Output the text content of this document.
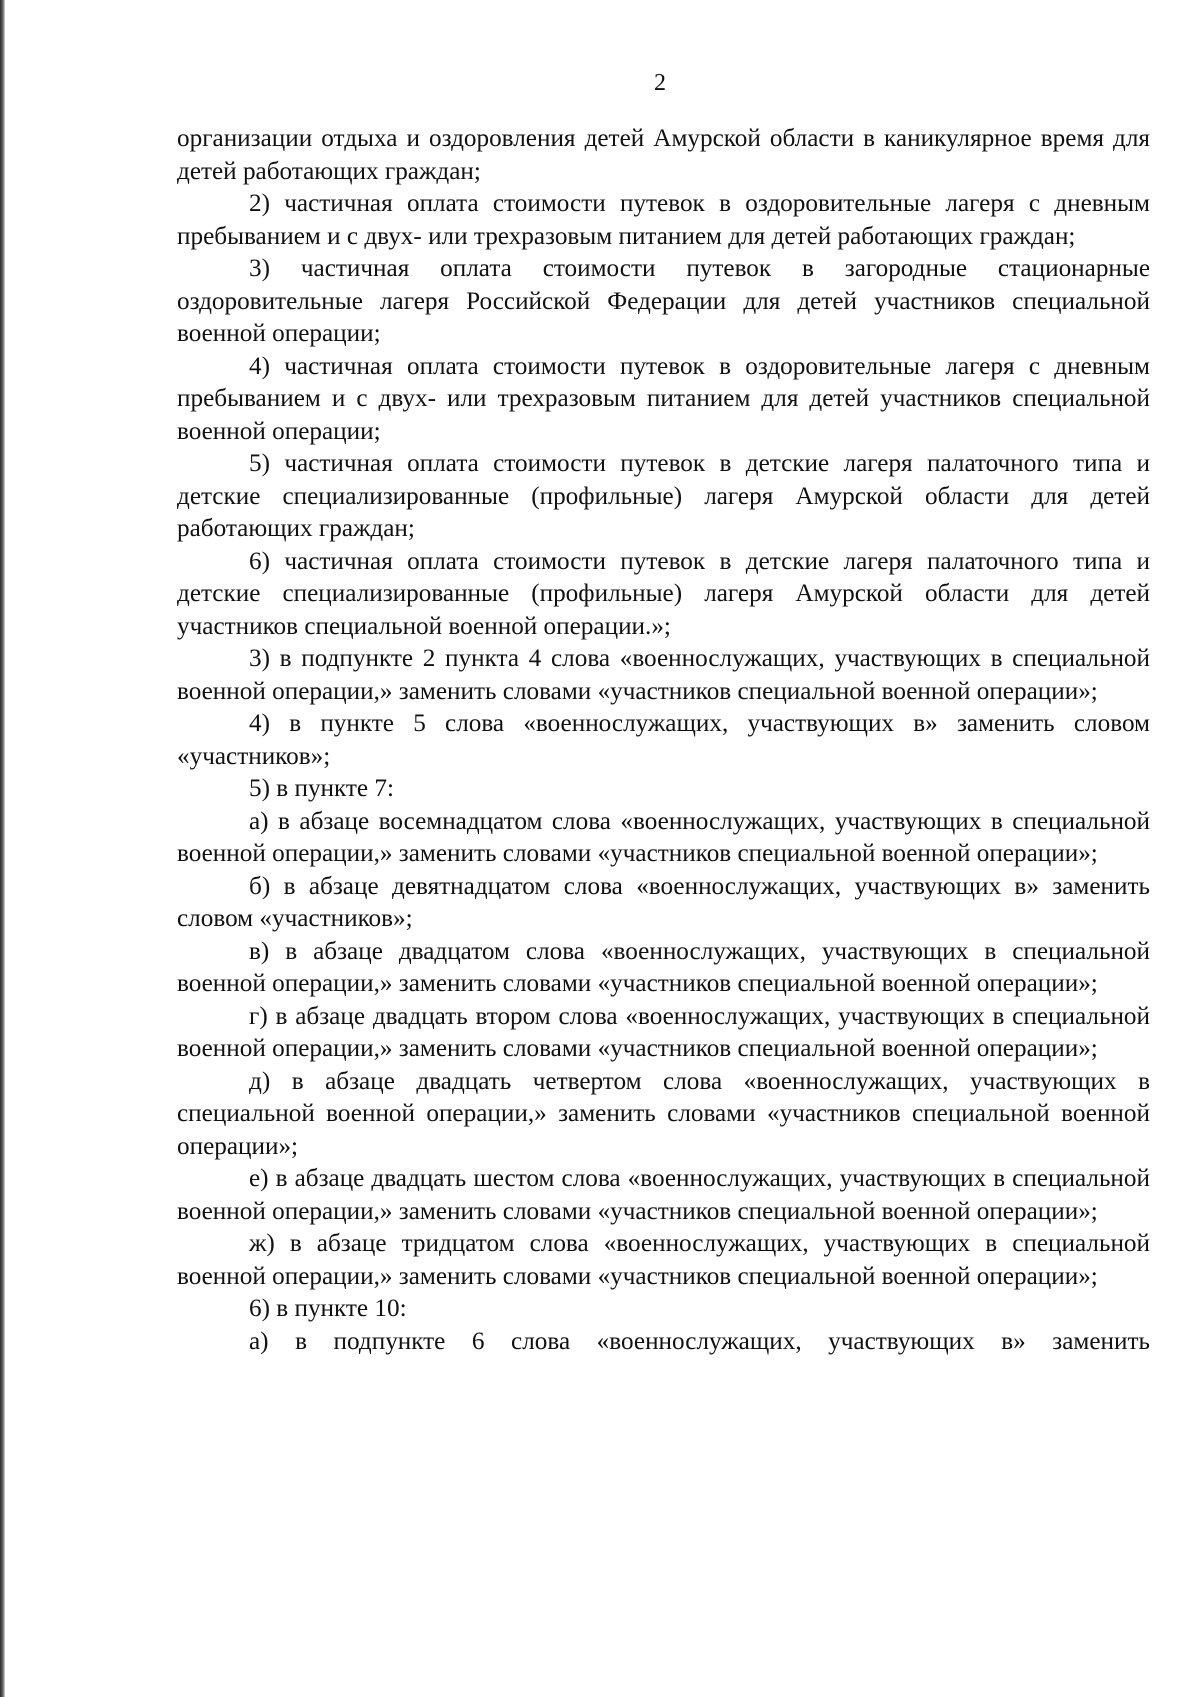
2

организации отдыха и оздоровления детей Амурской области в каникулярное время для детей работающих граждан;

2) частичная оплата стоимости путевок в оздоровительные лагеря с дневным пребыванием и с двух- или трехразовым питанием для детей работающих граждан;

3) частичная оплата стоимости путевок в загородные стационарные оздоровительные лагеря Российской Федерации для детей участников специальной военной операции;

4) частичная оплата стоимости путевок в оздоровительные лагеря с дневным пребыванием и с двух- или трехразовым питанием для детей участников специальной военной операции;

5) частичная оплата стоимости путевок в детские лагеря палаточного типа и детские специализированные (профильные) лагеря Амурской области для детей работающих граждан;

6) частичная оплата стоимости путевок в детские лагеря палаточного типа и детские специализированные (профильные) лагеря Амурской области для детей участников специальной военной операции.»;

3) в подпункте 2 пункта 4 слова «военнослужащих, участвующих в специальной военной операции,» заменить словами «участников специальной военной операции»;

4) в пункте 5 слова «военнослужащих, участвующих в» заменить словом «участников»;

5) в пункте 7:

а) в абзаце восемнадцатом слова «военнослужащих, участвующих в специальной военной операции,» заменить словами «участников специальной военной операции»;

б) в абзаце девятнадцатом слова «военнослужащих, участвующих в» заменить словом «участников»;

в) в абзаце двадцатом слова «военнослужащих, участвующих в специальной военной операции,» заменить словами «участников специальной военной операции»;

г) в абзаце двадцать втором слова «военнослужащих, участвующих в специальной военной операции,» заменить словами «участников специальной военной операции»;

д) в абзаце двадцать четвертом слова «военнослужащих, участвующих в специальной военной операции,» заменить словами «участников специальной военной операции»;

е) в абзаце двадцать шестом слова «военнослужащих, участвующих в специальной военной операции,» заменить словами «участников специальной военной операции»;

ж) в абзаце тридцатом слова «военнослужащих, участвующих в специальной военной операции,» заменить словами «участников специальной военной операции»;

6) в пункте 10:

а) в подпункте 6 слова «военнослужащих, участвующих в» заменить
